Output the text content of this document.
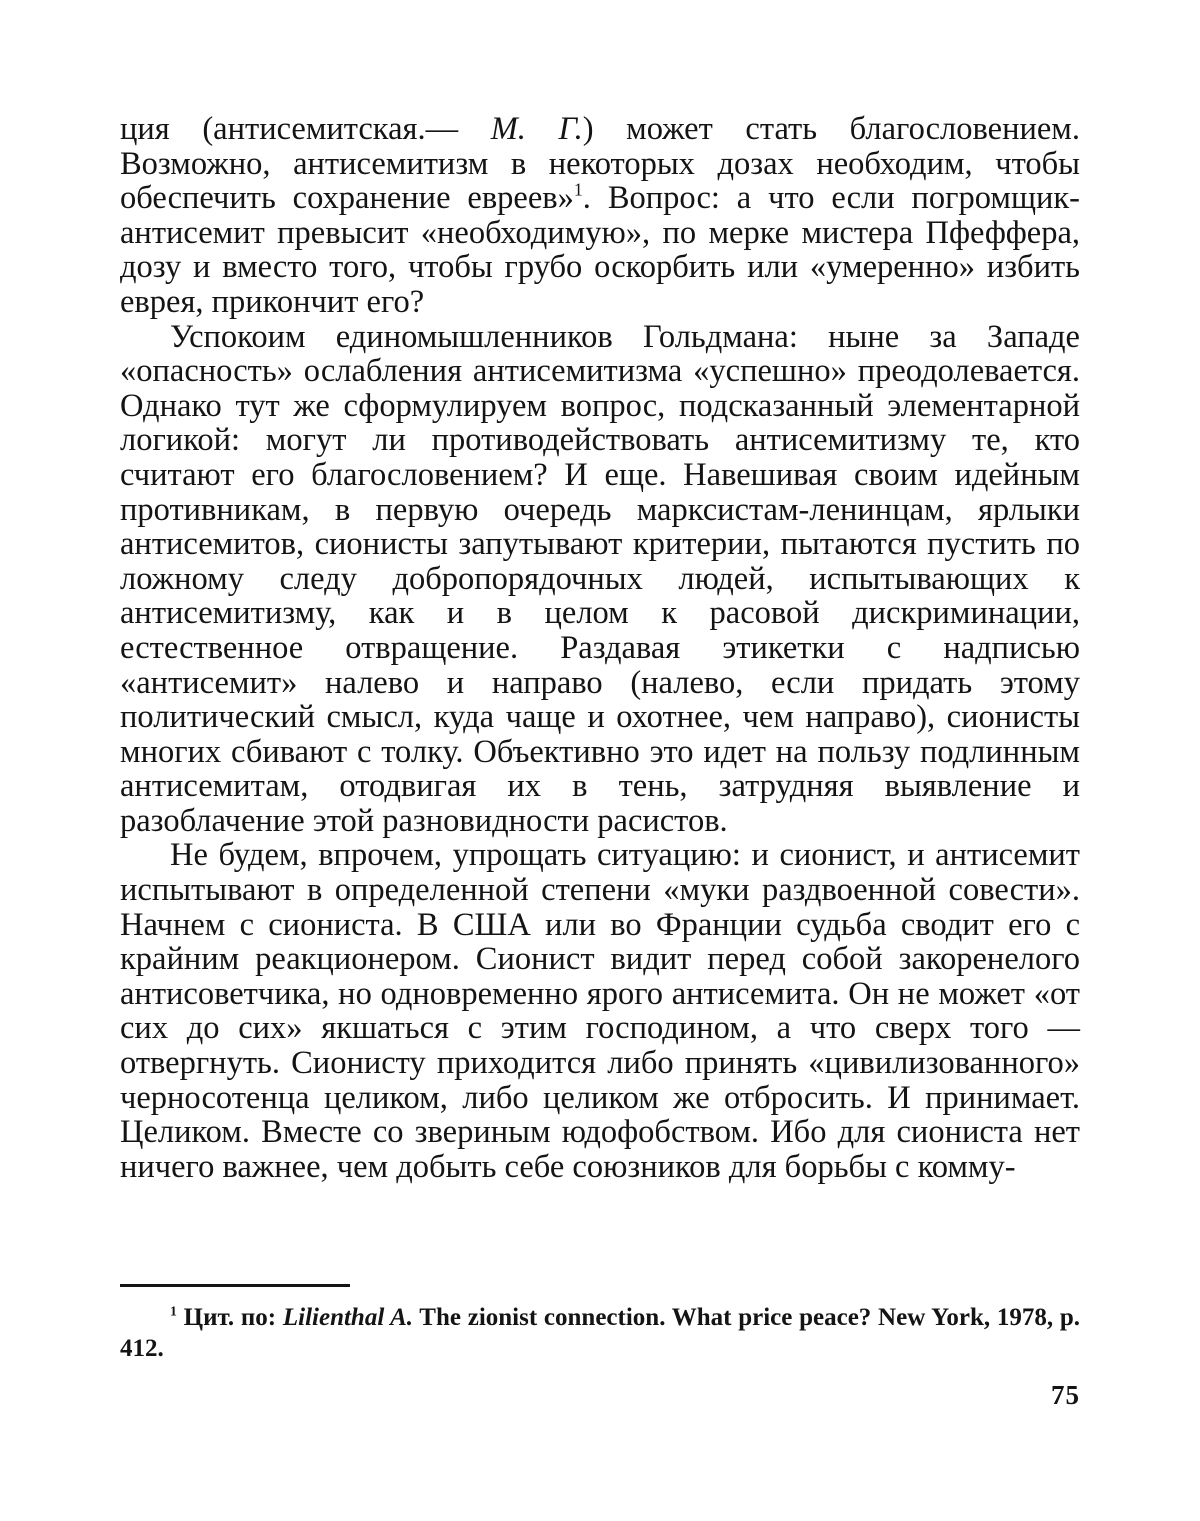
ция (антисемитская.— М. Г.) может стать благословением. Возможно, антисемитизм в некоторых дозах необходим, чтобы обеспечить сохранение евреев»$^1$. Вопрос: а что если погромщик-антисемит превысит «необходимую», по мерке мистера Пфеффера, дозу и вместо того, чтобы грубо оскорбить или «умеренно» избить еврея, прикончит его?

Успокоим единомышленников Гольдмана: ныне за Западе «опасность» ослабления антисемитизма «успешно» преодолевается. Однако тут же сформулируем вопрос, подсказанный элементарной логикой: могут ли противодействовать антисемитизму те, кто считают его благословением? И еще. Навешивая своим идейным противникам, в первую очередь марксистам-ленинцам, ярлыки антисемитов, сионисты запутывают критерии, пытаются пустить по ложному следу добропорядочных людей, испытывающих к антисемитизму, как и в целом к расовой дискриминации, естественное отвращение. Раздавая этикетки с надписью «антисемит» налево и направо (налево, если придать этому политический смысл, куда чаще и охотнее, чем направо), сионисты многих сбивают с толку. Объективно это идет на пользу подлинным антисемитам, отодвигая их в тень, затрудняя выявление и разоблачение этой разновидности расистов.

Не будем, впрочем, упрощать ситуацию: и сионист, и антисемит испытывают в определенной степени «муки раздвоенной совести». Начнем с сиониста. В США или во Франции судьба сводит его с крайним реакционером. Сионист видит перед собой закоренелого антисоветчика, но одновременно ярого антисемита. Он не может «от сих до сих» якшаться с этим господином, а что сверх того — отвергнуть. Сионисту приходится либо принять «цивилизованного» черносотенца целиком, либо целиком же отбросить. И принимает. Целиком. Вместе со звериным юдофобством. Ибо для сиониста нет ничего важнее, чем добыть себе союзников для борьбы с комму-

$^1$ Цит. по: Lilienthal A. The zionist connection. What price peace? New York, 1978, p. 412.

75
